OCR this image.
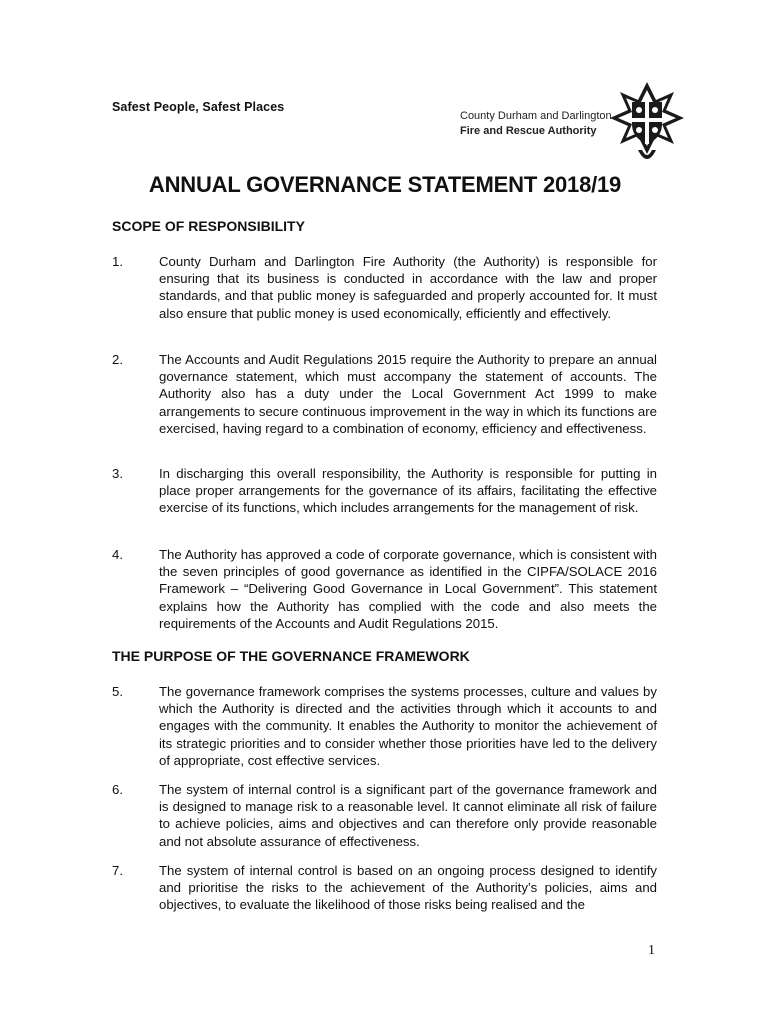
Safest People, Safest Places
County Durham and Darlington
Fire and Rescue Authority
ANNUAL GOVERNANCE STATEMENT 2018/19
SCOPE OF RESPONSIBILITY
1.	County Durham and Darlington Fire Authority (the Authority) is responsible for ensuring that its business is conducted in accordance with the law and proper standards, and that public money is safeguarded and properly accounted for. It must also ensure that public money is used economically, efficiently and effectively.
2.	The Accounts and Audit Regulations 2015 require the Authority to prepare an annual governance statement, which must accompany the statement of accounts. The Authority also has a duty under the Local Government Act 1999 to make arrangements to secure continuous improvement in the way in which its functions are exercised, having regard to a combination of economy, efficiency and effectiveness.
3.	In discharging this overall responsibility, the Authority is responsible for putting in place proper arrangements for the governance of its affairs, facilitating the effective exercise of its functions, which includes arrangements for the management of risk.
4.	The Authority has approved a code of corporate governance, which is consistent with the seven principles of good governance as identified in the CIPFA/SOLACE 2016 Framework – “Delivering Good Governance in Local Government”. This statement explains how the Authority has complied with the code and also meets the requirements of the Accounts and Audit Regulations 2015.
THE PURPOSE OF THE GOVERNANCE FRAMEWORK
5.	The governance framework comprises the systems processes, culture and values by which the Authority is directed and the activities through which it accounts to and engages with the community. It enables the Authority to monitor the achievement of its strategic priorities and to consider whether those priorities have led to the delivery of appropriate, cost effective services.
6.	The system of internal control is a significant part of the governance framework and is designed to manage risk to a reasonable level. It cannot eliminate all risk of failure to achieve policies, aims and objectives and can therefore only provide reasonable and not absolute assurance of effectiveness.
7.	The system of internal control is based on an ongoing process designed to identify and prioritise the risks to the achievement of the Authority’s policies, aims and objectives, to evaluate the likelihood of those risks being realised and the
1
